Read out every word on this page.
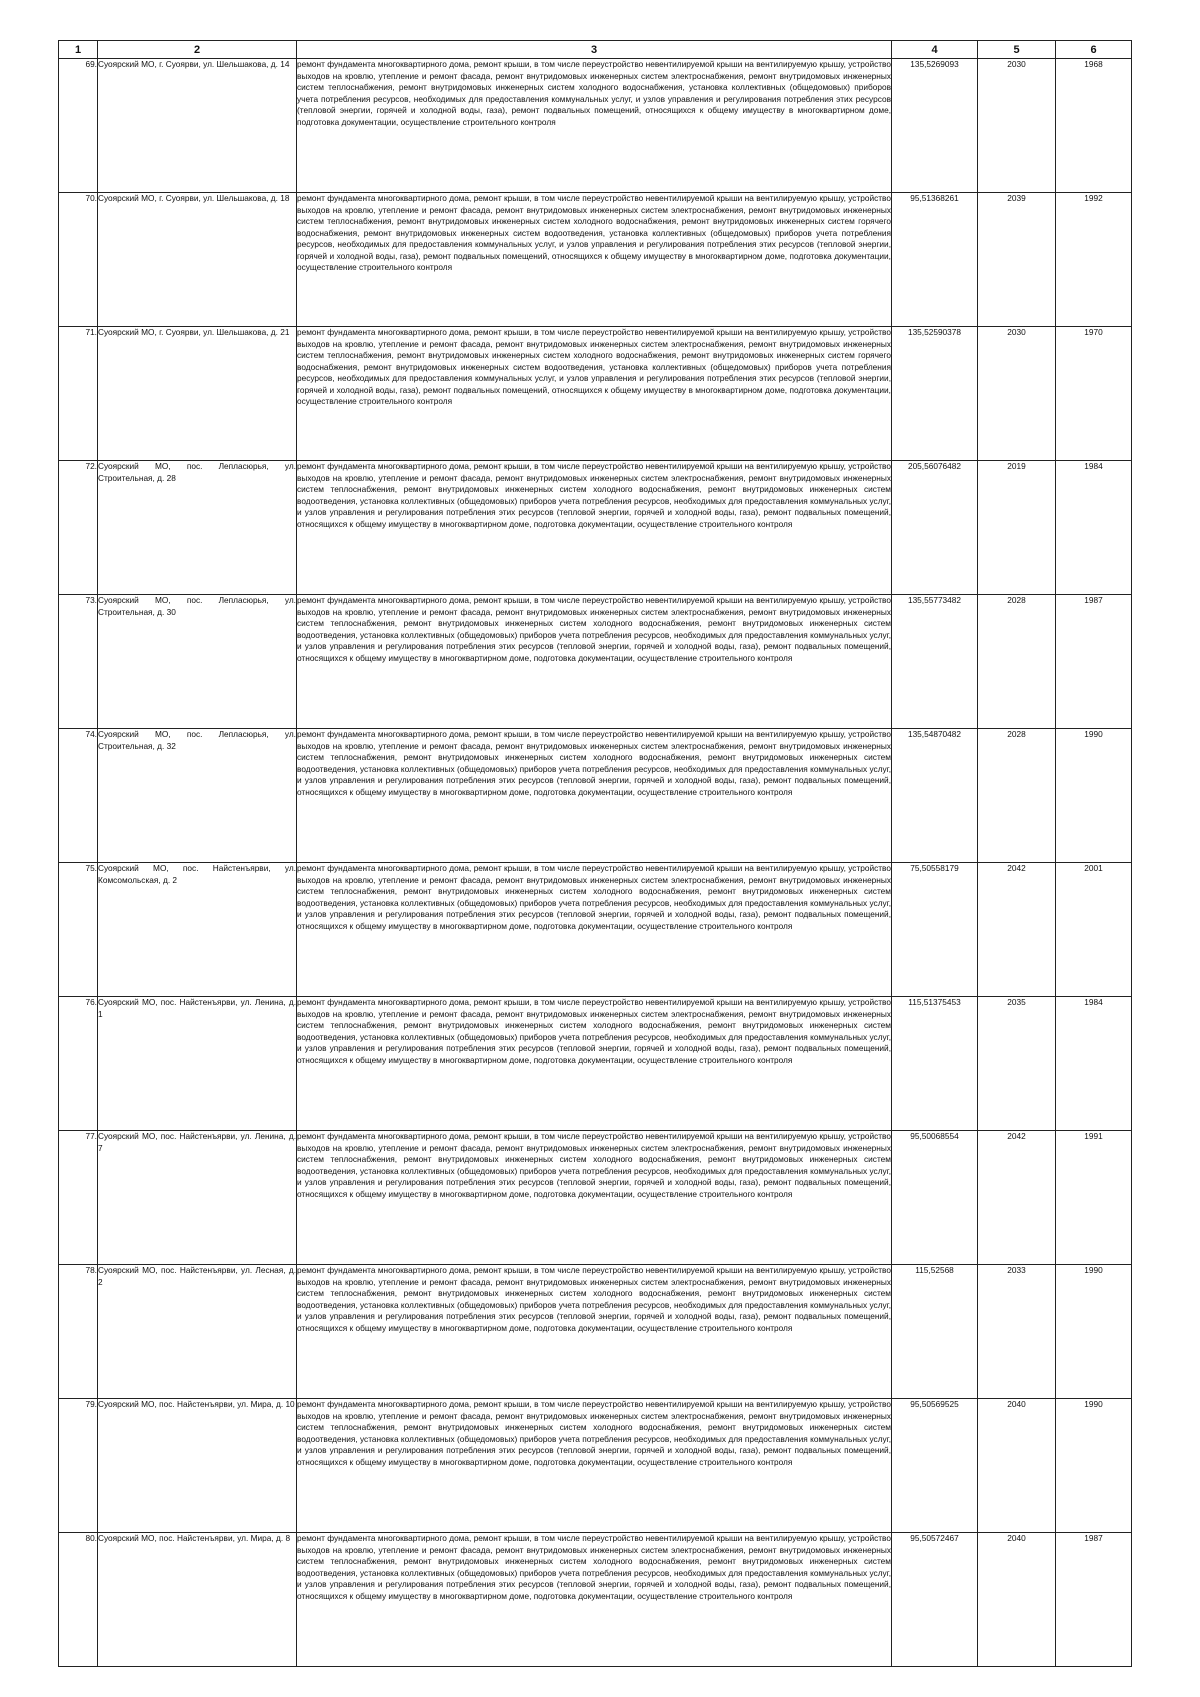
1	2	3	4	5	6
69.	Суоярский МО, г. Суоярви, ул. Шельшакова, д. 14	ремонт фундамента многоквартирного дома, ремонт крыши, в том числе переустройство невентилируемой крыши на вентилируемую крышу, устройство выходов на кровлю, утепление и ремонт фасада, ремонт внутридомовых инженерных систем электроснабжения, ремонт внутридомовых инженерных систем теплоснабжения, ремонт внутридомовых инженерных систем холодного водоснабжения, установка коллективных (общедомовых) приборов учета потребления ресурсов, необходимых для предоставления коммунальных услуг, и узлов управления и регулирования потребления этих ресурсов (тепловой энергии, горячей и холодной воды, газа), ремонт подвальных помещений, относящихся к общему имуществу в многоквартирном доме, подготовка документации, осуществление строительного контроля	135,5269093	2030	1968
70.	Суоярский МО, г. Суоярви, ул. Шельшакова, д. 18	ремонт фундамента многоквартирного дома, ремонт крыши, в том числе переустройство невентилируемой крыши на вентилируемую крышу, устройство выходов на кровлю, утепление и ремонт фасада, ремонт внутридомовых инженерных систем электроснабжения, ремонт внутридомовых инженерных систем теплоснабжения, ремонт внутридомовых инженерных систем холодного водоснабжения, ремонт внутридомовых инженерных систем горячего водоснабжения, ремонт внутридомовых инженерных систем водоотведения, установка коллективных (общедомовых) приборов учета потребления ресурсов, необходимых для предоставления коммунальных услуг, и узлов управления и регулирования потребления этих ресурсов (тепловой энергии, горячей и холодной воды, газа), ремонт подвальных помещений, относящихся к общему имуществу в многоквартирном доме, подготовка документации, осуществление строительного контроля	95,51368261	2039	1992
71.	Суоярский МО, г. Суоярви, ул. Шельшакова, д. 21	ремонт фундамента многоквартирного дома, ремонт крыши, в том числе переустройство невентилируемой крыши на вентилируемую крышу, устройство выходов на кровлю, утепление и ремонт фасада, ремонт внутридомовых инженерных систем электроснабжения, ремонт внутридомовых инженерных систем теплоснабжения, ремонт внутридомовых инженерных систем холодного водоснабжения, ремонт внутридомовых инженерных систем горячего водоснабжения, ремонт внутридомовых инженерных систем водоотведения, установка коллективных (общедомовых) приборов учета потребления ресурсов, необходимых для предоставления коммунальных услуг, и узлов управления и регулирования потребления этих ресурсов (тепловой энергии, горячей и холодной воды, газа), ремонт подвальных помещений, относящихся к общему имуществу в многоквартирном доме, подготовка документации, осуществление строительного контроля	135,52590378	2030	1970
72.	Суоярский МО, пос. Лепласюрья, ул. Строительная, д. 28	ремонт фундамента многоквартирного дома, ремонт крыши, в том числе переустройство невентилируемой крыши на вентилируемую крышу, устройство выходов на кровлю, утепление и ремонт фасада, ремонт внутридомовых инженерных систем электроснабжения, ремонт внутридомовых инженерных систем теплоснабжения, ремонт внутридомовых инженерных систем холодного водоснабжения, ремонт внутридомовых инженерных систем водоотведения, установка коллективных (общедомовых) приборов учета потребления ресурсов, необходимых для предоставления коммунальных услуг, и узлов управления и регулирования потребления этих ресурсов (тепловой энергии, горячей и холодной воды, газа), ремонт подвальных помещений, относящихся к общему имуществу в многоквартирном доме, подготовка документации, осуществление строительного контроля	205,56076482	2019	1984
73.	Суоярский МО, пос. Лепласюрья, ул. Строительная, д. 30	ремонт фундамента многоквартирного дома, ремонт крыши, в том числе переустройство невентилируемой крыши на вентилируемую крышу, устройство выходов на кровлю, утепление и ремонт фасада, ремонт внутридомовых инженерных систем электроснабжения, ремонт внутридомовых инженерных систем теплоснабжения, ремонт внутридомовых инженерных систем холодного водоснабжения, ремонт внутридомовых инженерных систем водоотведения, установка коллективных (общедомовых) приборов учета потребления ресурсов, необходимых для предоставления коммунальных услуг, и узлов управления и регулирования потребления этих ресурсов (тепловой энергии, горячей и холодной воды, газа), ремонт подвальных помещений, относящихся к общему имуществу в многоквартирном доме, подготовка документации, осуществление строительного контроля	135,55773482	2028	1987
74.	Суоярский МО, пос. Лепласюрья, ул. Строительная, д. 32	ремонт фундамента многоквартирного дома, ремонт крыши, в том числе переустройство невентилируемой крыши на вентилируемую крышу, устройство выходов на кровлю, утепление и ремонт фасада, ремонт внутридомовых инженерных систем электроснабжения, ремонт внутридомовых инженерных систем теплоснабжения, ремонт внутридомовых инженерных систем холодного водоснабжения, ремонт внутридомовых инженерных систем водоотведения, установка коллективных (общедомовых) приборов учета потребления ресурсов, необходимых для предоставления коммунальных услуг, и узлов управления и регулирования потребления этих ресурсов (тепловой энергии, горячей и холодной воды, газа), ремонт подвальных помещений, относящихся к общему имуществу в многоквартирном доме, подготовка документации, осуществление строительного контроля	135,54870482	2028	1990
75.	Суоярский МО, пос. Найстенъярви, ул. Комсомольская, д. 2	ремонт фундамента многоквартирного дома, ремонт крыши, в том числе переустройство невентилируемой крыши на вентилируемую крышу, устройство выходов на кровлю, утепление и ремонт фасада, ремонт внутридомовых инженерных систем электроснабжения, ремонт внутридомовых инженерных систем теплоснабжения, ремонт внутридомовых инженерных систем холодного водоснабжения, ремонт внутридомовых инженерных систем водоотведения, установка коллективных (общедомовых) приборов учета потребления ресурсов, необходимых для предоставления коммунальных услуг, и узлов управления и регулирования потребления этих ресурсов (тепловой энергии, горячей и холодной воды, газа), ремонт подвальных помещений, относящихся к общему имуществу в многоквартирном доме, подготовка документации, осуществление строительного контроля	75,50558179	2042	2001
76.	Суоярский МО, пос. Найстенъярви, ул. Ленина, д. 1	ремонт фундамента многоквартирного дома, ремонт крыши, в том числе переустройство невентилируемой крыши на вентилируемую крышу, устройство выходов на кровлю, утепление и ремонт фасада, ремонт внутридомовых инженерных систем электроснабжения, ремонт внутридомовых инженерных систем теплоснабжения, ремонт внутридомовых инженерных систем холодного водоснабжения, ремонт внутридомовых инженерных систем водоотведения, установка коллективных (общедомовых) приборов учета потребления ресурсов, необходимых для предоставления коммунальных услуг, и узлов управления и регулирования потребления этих ресурсов (тепловой энергии, горячей и холодной воды, газа), ремонт подвальных помещений, относящихся к общему имуществу в многоквартирном доме, подготовка документации, осуществление строительного контроля	115,51375453	2035	1984
77.	Суоярский МО, пос. Найстенъярви, ул. Ленина, д. 7	ремонт фундамента многоквартирного дома, ремонт крыши, в том числе переустройство невентилируемой крыши на вентилируемую крышу, устройство выходов на кровлю, утепление и ремонт фасада, ремонт внутридомовых инженерных систем электроснабжения, ремонт внутридомовых инженерных систем теплоснабжения, ремонт внутридомовых инженерных систем холодного водоснабжения, ремонт внутридомовых инженерных систем водоотведения, установка коллективных (общедомовых) приборов учета потребления ресурсов, необходимых для предоставления коммунальных услуг, и узлов управления и регулирования потребления этих ресурсов (тепловой энергии, горячей и холодной воды, газа), ремонт подвальных помещений, относящихся к общему имуществу в многоквартирном доме, подготовка документации, осуществление строительного контроля	95,50068554	2042	1991
78.	Суоярский МО, пос. Найстенъярви, ул. Лесная, д. 2	ремонт фундамента многоквартирного дома, ремонт крыши, в том числе переустройство невентилируемой крыши на вентилируемую крышу, устройство выходов на кровлю, утепление и ремонт фасада, ремонт внутридомовых инженерных систем электроснабжения, ремонт внутридомовых инженерных систем теплоснабжения, ремонт внутридомовых инженерных систем холодного водоснабжения, ремонт внутридомовых инженерных систем водоотведения, установка коллективных (общедомовых) приборов учета потребления ресурсов, необходимых для предоставления коммунальных услуг, и узлов управления и регулирования потребления этих ресурсов (тепловой энергии, горячей и холодной воды, газа), ремонт подвальных помещений, относящихся к общему имуществу в многоквартирном доме, подготовка документации, осуществление строительного контроля	115,52568	2033	1990
79.	Суоярский МО, пос. Найстенъярви, ул. Мира, д. 10	ремонт фундамента многоквартирного дома, ремонт крыши, в том числе переустройство невентилируемой крыши на вентилируемую крышу, устройство выходов на кровлю, утепление и ремонт фасада, ремонт внутридомовых инженерных систем электроснабжения, ремонт внутридомовых инженерных систем теплоснабжения, ремонт внутридомовых инженерных систем холодного водоснабжения, ремонт внутридомовых инженерных систем водоотведения, установка коллективных (общедомовых) приборов учета потребления ресурсов, необходимых для предоставления коммунальных услуг, и узлов управления и регулирования потребления этих ресурсов (тепловой энергии, горячей и холодной воды, газа), ремонт подвальных помещений, относящихся к общему имуществу в многоквартирном доме, подготовка документации, осуществление строительного контроля	95,50569525	2040	1990
80.	Суоярский МО, пос. Найстенъярви, ул. Мира, д. 8	ремонт фундамента многоквартирного дома, ремонт крыши, в том числе переустройство невентилируемой крыши на вентилируемую крышу, устройство выходов на кровлю, утепление и ремонт фасада, ремонт внутридомовых инженерных систем электроснабжения, ремонт внутридомовых инженерных систем теплоснабжения, ремонт внутридомовых инженерных систем холодного водоснабжения, ремонт внутридомовых инженерных систем водоотведения, установка коллективных (общедомовых) приборов учета потребления ресурсов, необходимых для предоставления коммунальных услуг, и узлов управления и регулирования потребления этих ресурсов (тепловой энергии, горячей и холодной воды, газа), ремонт подвальных помещений, относящихся к общему имуществу в многоквартирном доме, подготовка документации, осуществление строительного контроля	95,50572467	2040	1987
